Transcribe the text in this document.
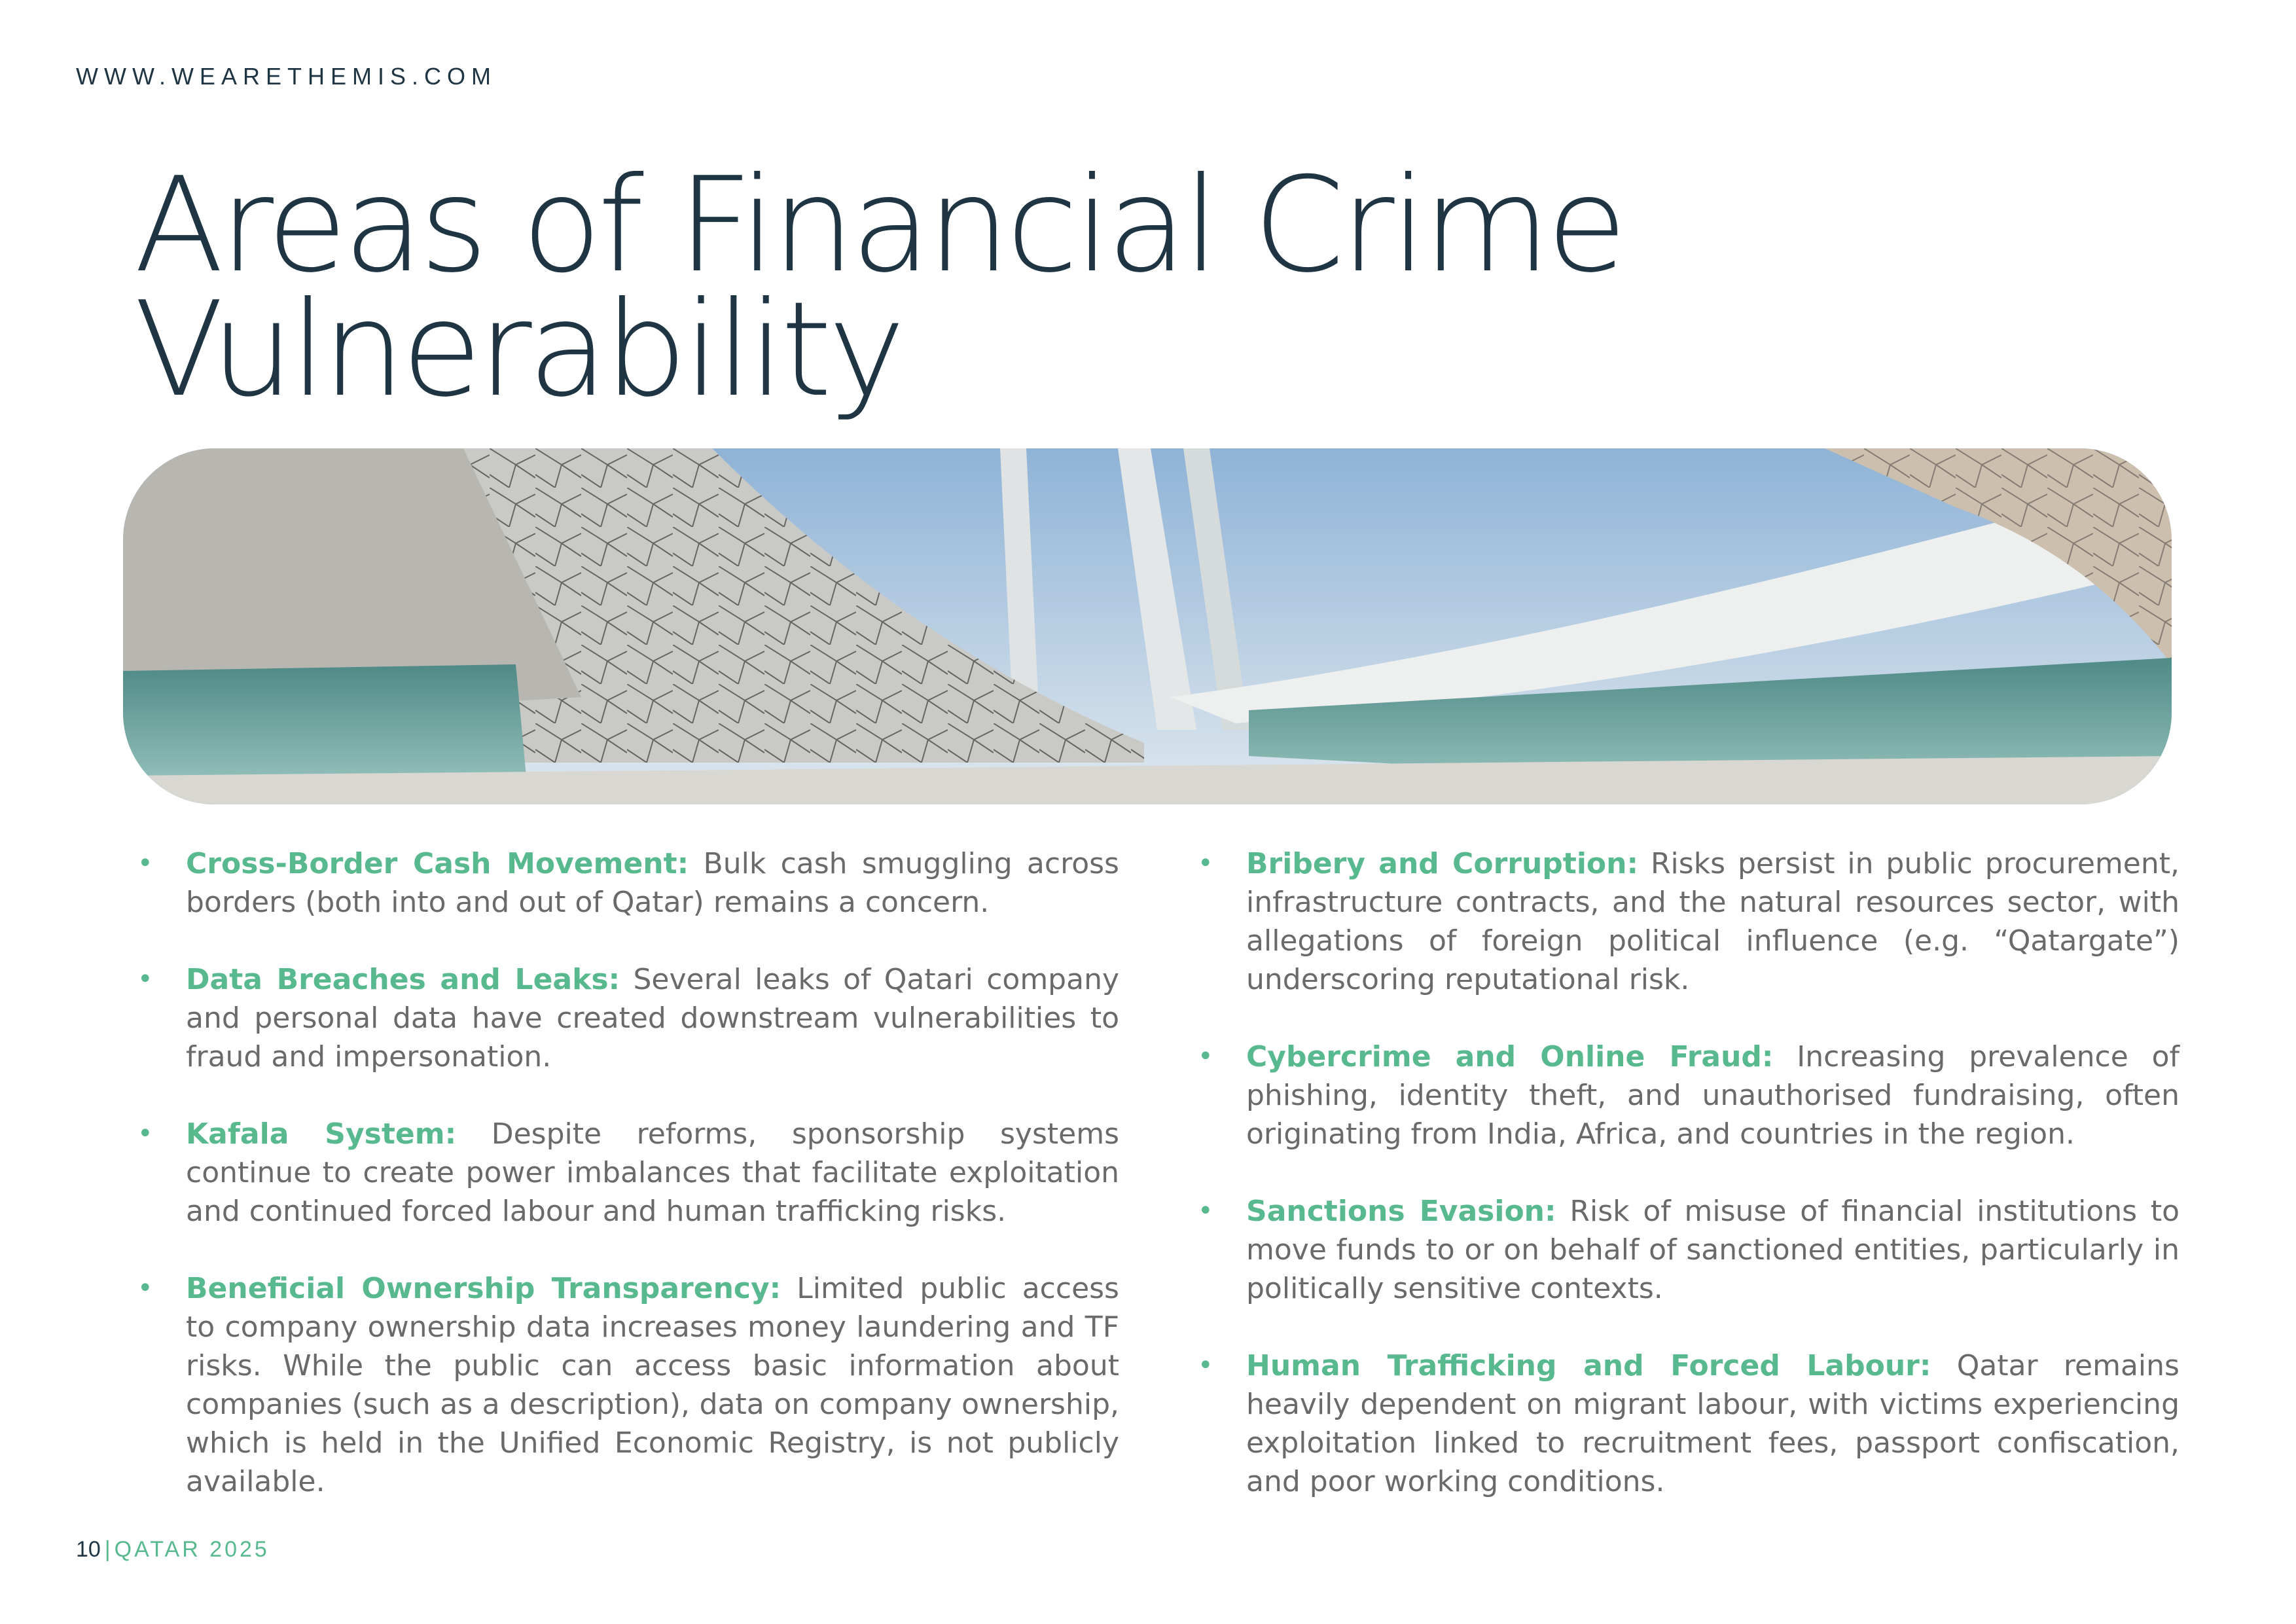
WWW.WEARETHEMIS.COM
Areas of Financial Crime
Vulnerability
• Cross-Border Cash Movement: Bulk cash smuggling across borders (both into and out of Qatar) remains a concern.
• Data Breaches and Leaks: Several leaks of Qatari company and personal data have created downstream vulnerabilities to fraud and impersonation.
• Kafala System: Despite reforms, sponsorship systems continue to create power imbalances that facilitate exploitation and continued forced labour and human trafficking risks.
• Beneficial Ownership Transparency: Limited public access to company ownership data increases money laundering and TF risks. While the public can access basic information about companies (such as a description), data on company ownership, which is held in the Unified Economic Registry, is not publicly available.
• Bribery and Corruption: Risks persist in public procurement, infrastructure contracts, and the natural resources sector, with allegations of foreign political influence (e.g. “Qatargate”) underscoring reputational risk.
• Cybercrime and Online Fraud: Increasing prevalence of phishing, identity theft, and unauthorised fundraising, often originating from India, Africa, and countries in the region.
• Sanctions Evasion: Risk of misuse of financial institutions to move funds to or on behalf of sanctioned entities, particularly in politically sensitive contexts.
• Human Trafficking and Forced Labour: Qatar remains heavily dependent on migrant labour, with victims experiencing exploitation linked to recruitment fees, passport confiscation, and poor working conditions.
10 | QATAR 2025
